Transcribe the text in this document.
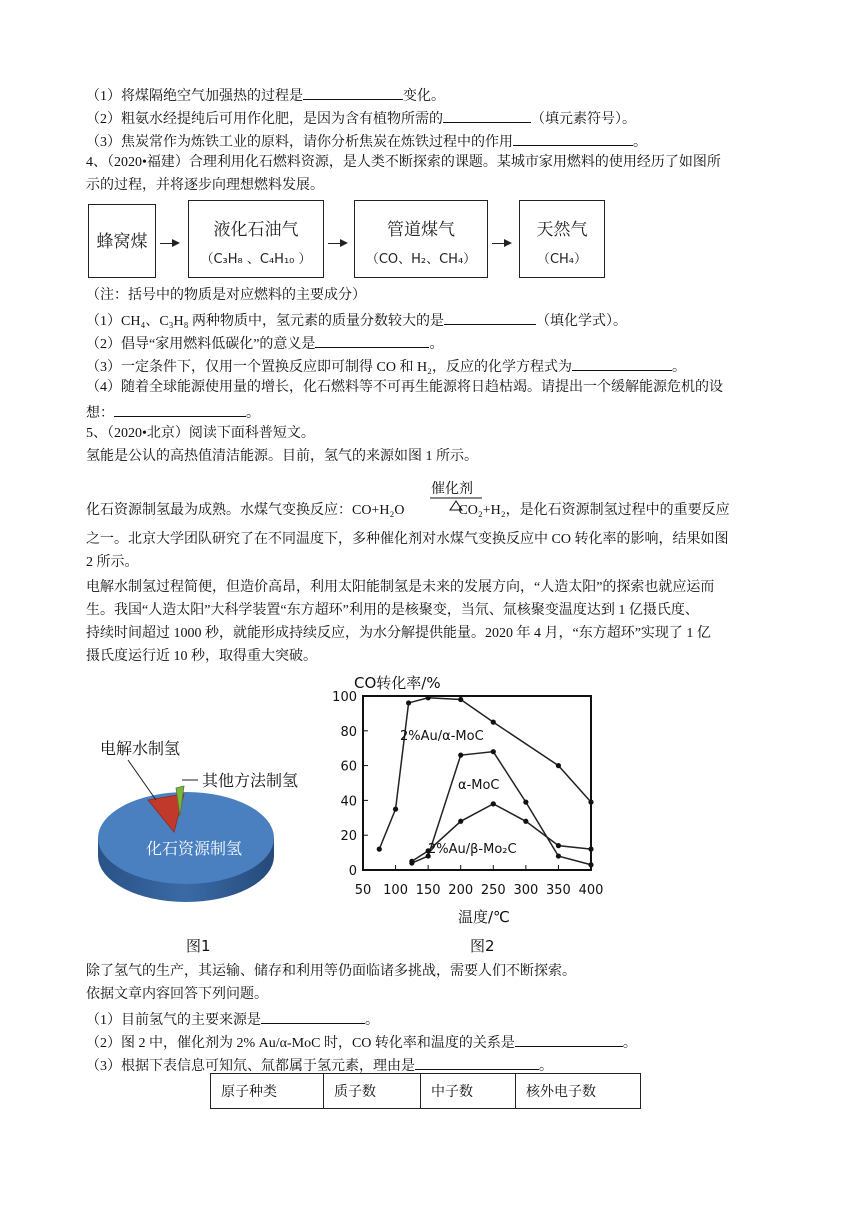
（1）将煤隔绝空气加强热的过程是	变化。
（2）粗氨水经提纯后可用作化肥，是因为含有植物所需的	（填元素符号）。
（3）焦炭常作为炼铁工业的原料，请你分析焦炭在炼铁过程中的作用	。
4、（2020•福建）合理利用化石燃料资源，是人类不断探索的课题。某城市家用燃料的使用经历了如图所
示的过程，并将逐步向理想燃料发展。
蜂窝煤
液化石油气
（C₃H₈ 、C₄H₁₀ ）
管道煤气
（CO、H₂、CH₄）
天然气
（CH₄）
（注：括号中的物质是对应燃料的主要成分）
（1）CH₄、C₃H₈ 两种物质中，氢元素的质量分数较大的是	（填化学式）。
（2）倡导“家用燃料低碳化”的意义是	。
（3）一定条件下，仅用一个置换反应即可制得 CO 和 H₂，反应的化学方程式为	。
（4）随着全球能源使用量的增长，化石燃料等不可再生能源将日趋枯竭。请提出一个缓解能源危机的设
想：	。
5、（2020•北京）阅读下面科普短文。
氢能是公认的高热值清洁能源。目前，氢气的来源如图 1 所示。
催化剂
化石资源制氢最为成熟。水煤气变换反应：CO+H₂O	CO₂+H₂，是化石资源制氢过程中的重要反应
之一。北京大学团队研究了在不同温度下，多种催化剂对水煤气变换反应中 CO 转化率的影响，结果如图
2 所示。
电解水制氢过程简便，但造价高昂，利用太阳能制氢是未来的发展方向，“人造太阳”的探索也就应运而
生。我国“人造太阳”大科学装置“东方超环”利用的是核聚变，当氘、氚核聚变温度达到 1 亿摄氏度、
持续时间超过 1000 秒，就能形成持续反应，为水分解提供能量。2020 年 4 月，“东方超环”实现了 1 亿
摄氏度运行近 10 秒，取得重大突破。
电解水制氢
其他方法制氢
化石资源制氢
图1
CO转化率/%
50 100 150 200 250 300 350 400
0
20
40
60
80
100
2%Au/α-MoC
α-MoC
2%Au/β-Mo₂C
温度/℃
图2
除了氢气的生产，其运输、储存和利用等仍面临诸多挑战，需要人们不断探索。
依据文章内容回答下列问题。
（1）目前氢气的主要来源是	。
（2）图 2 中，催化剂为 2% Au/α-MoC 时，CO 转化率和温度的关系是	。
（3）根据下表信息可知氘、氚都属于氢元素，理由是	。
原子种类	质子数	中子数	核外电子数
